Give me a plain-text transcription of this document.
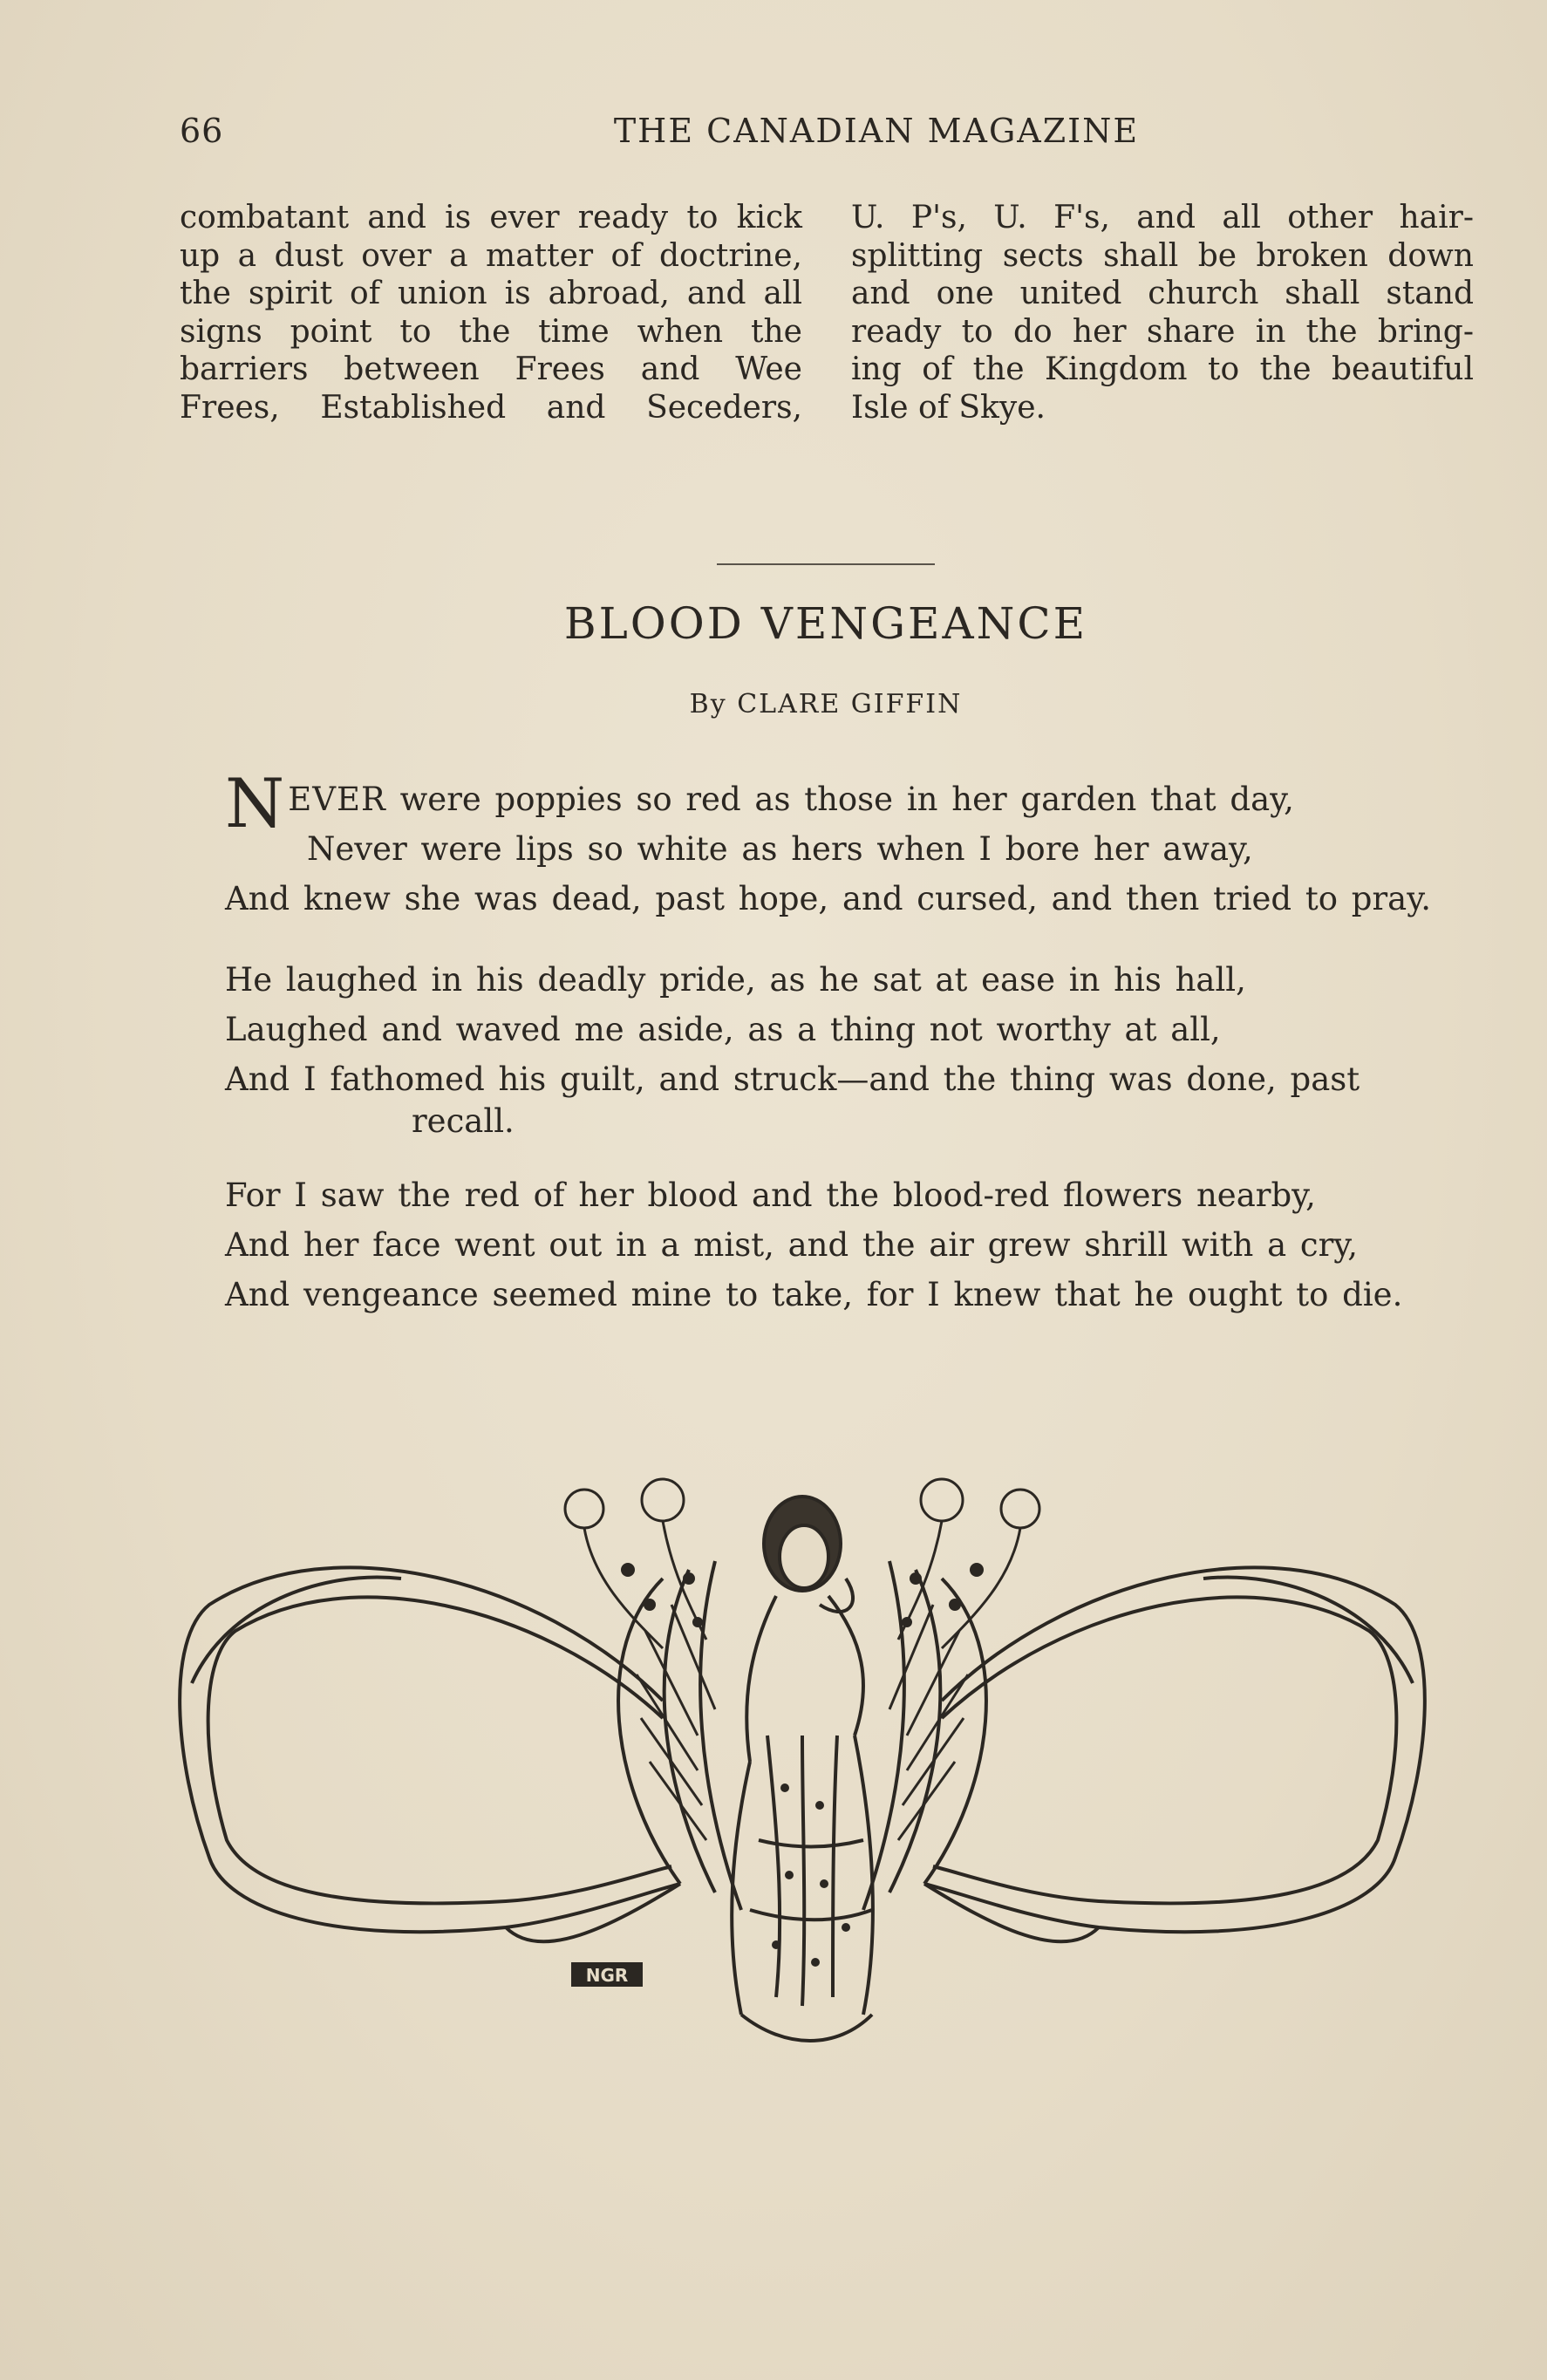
66	THE CANADIAN MAGAZINE
combatant and is ever ready to kick
up a dust over a matter of doctrine,
the spirit of union is abroad, and all
signs point to the time when the
barriers between Frees and Wee
Frees, Established and Seceders,
U. P's, U. F's, and all other hair-
splitting sects shall be broken down
and one united church shall stand
ready to do her share in the bring-
ing of the Kingdom to the beautiful
Isle of Skye.
BLOOD VENGEANCE
By CLARE GIFFIN
N EVER were poppies so red as those in her garden that day,
Never were lips so white as hers when I bore her away,
And knew she was dead, past hope, and cursed, and then tried to pray.
He laughed in his deadly pride, as he sat at ease in his hall,
Laughed and waved me aside, as a thing not worthy at all,
And I fathomed his guilt, and struck—and the thing was done, past
recall.
For I saw the red of her blood and the blood-red flowers nearby,
And her face went out in a mist, and the air grew shrill with a cry,
And vengeance seemed mine to take, for I knew that he ought to die.
NGR
